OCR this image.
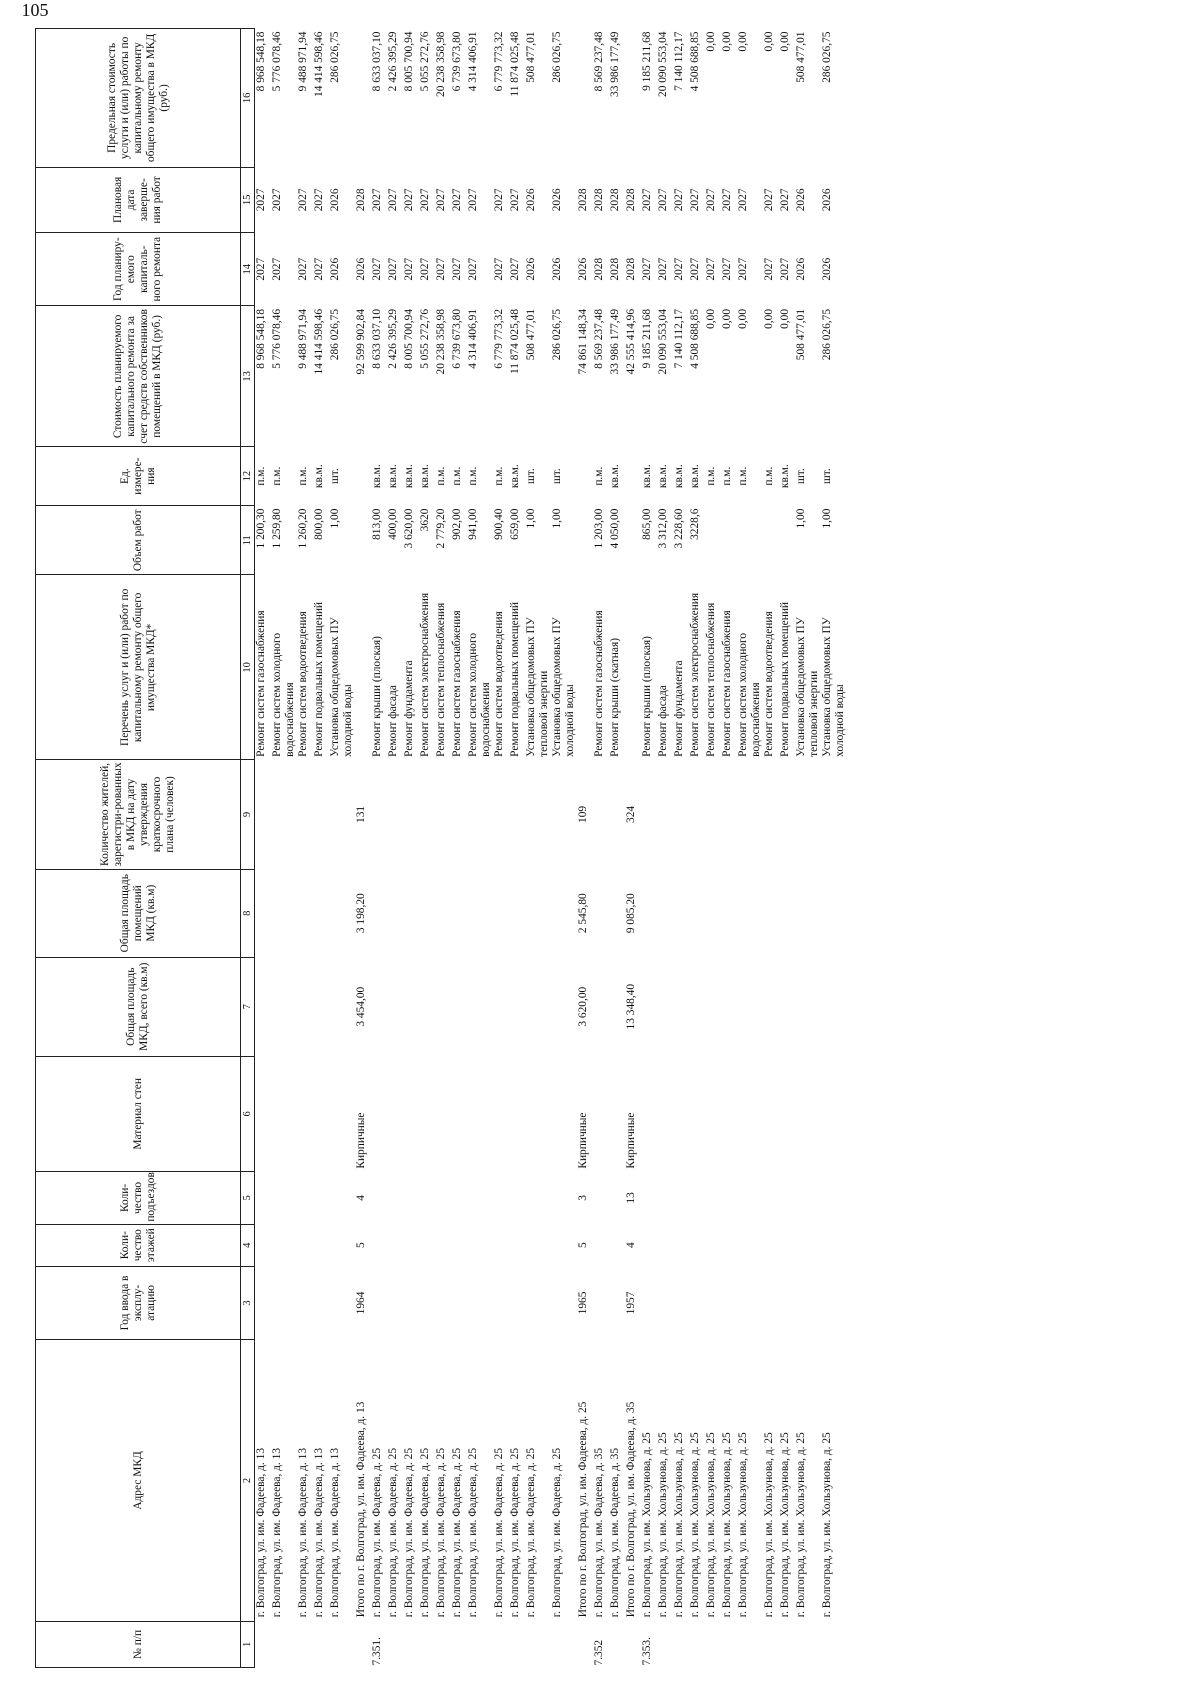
105
№ п/п	Адрес МКД	Год ввода в эксплу-атацию	Коли-чество этажей	Коли-чество подъездов	Материал стен	Общая площадь МКД, всего (кв.м)	Общая площадь помещений МКД (кв.м)	Количество жителей, зарегистри-рованных в МКД на дату утверждения краткосрочного плана (человек)	Перечень услуг и (или) работ по капитальному ремонту общего имущества МКД*	Объем работ	Ед. измере-ния	Стоимость планируемого капитального ремонта за счет средств собственников помещений в МКД (руб.)	Год планиру-емого капиталь-ного ремонта	Плановая дата заверше-ния работ	Предельная стоимость услуги и (или) работы по капитальному ремонту общего имущества в МКД (руб.)
1	2	3	4	5	6	7	8	9	10	11	12	13	14	15	16
	г. Волгоград, ул. им. Фадеева, д. 13								Ремонт систем газоснабжения	1 200,30	п.м.	8 968 548,18	2027	2027	8 968 548,18
	г. Волгоград, ул. им. Фадеева, д. 13								Ремонт систем холодного водоснабжения	1 259,80	п.м.	5 776 078,46	2027	2027	5 776 078,46
	г. Волгоград, ул. им. Фадеева, д. 13								Ремонт систем водоотведения	1 260,20	п.м.	9 488 971,94	2027	2027	9 488 971,94
	г. Волгоград, ул. им. Фадеева, д. 13								Ремонт подвальных помещений	800,00	кв.м.	14 414 598,46	2027	2027	14 414 598,46
	г. Волгоград, ул. им. Фадеева, д. 13								Установка общедомовых ПУ холодной воды	1,00	шт.	286 026,75	2026	2026	286 026,75
	Итого по г. Волгоград, ул. им. Фадеева, д. 13	1964	5	4	Кирпичные	3 454,00	3 198,20	131				92 599 902,84	2026	2028	
7.351.	г. Волгоград, ул. им. Фадеева, д. 25								Ремонт крыши (плоская)	813,00	кв.м.	8 633 037,10	2027	2027	8 633 037,10
	г. Волгоград, ул. им. Фадеева, д. 25								Ремонт фасада	400,00	кв.м.	2 426 395,29	2027	2027	2 426 395,29
	г. Волгоград, ул. им. Фадеева, д. 25								Ремонт фундамента	3 620,00	кв.м.	8 005 700,94	2027	2027	8 005 700,94
	г. Волгоград, ул. им. Фадеева, д. 25								Ремонт систем электроснабжения	3620	кв.м.	5 055 272,76	2027	2027	5 055 272,76
	г. Волгоград, ул. им. Фадеева, д. 25								Ремонт систем теплоснабжения	2 779,20	п.м.	20 238 358,98	2027	2027	20 238 358,98
	г. Волгоград, ул. им. Фадеева, д. 25								Ремонт систем газоснабжения	902,00	п.м.	6 739 673,80	2027	2027	6 739 673,80
	г. Волгоград, ул. им. Фадеева, д. 25								Ремонт систем холодного водоснабжения	941,00	п.м.	4 314 406,91	2027	2027	4 314 406,91
	г. Волгоград, ул. им. Фадеева, д. 25								Ремонт систем водоотведения	900,40	п.м.	6 779 773,32	2027	2027	6 779 773,32
	г. Волгоград, ул. им. Фадеева, д. 25								Ремонт подвальных помещений	659,00	кв.м.	11 874 025,48	2027	2027	11 874 025,48
	г. Волгоград, ул. им. Фадеева, д. 25								Установка общедомовых ПУ тепловой энергии	1,00	шт.	508 477,01	2026	2026	508 477,01
	г. Волгоград, ул. им. Фадеева, д. 25								Установка общедомовых ПУ холодной воды	1,00	шт.	286 026,75	2026	2026	286 026,75
	Итого по г. Волгоград, ул. им. Фадеева, д. 25	1965	5	3	Кирпичные	3 620,00	2 545,80	109				74 861 148,34	2026	2028	
7.352	г. Волгоград, ул. им. Фадеева, д. 35								Ремонт систем газоснабжения	1 203,00	п.м.	8 569 237,48	2028	2028	8 569 237,48
	г. Волгоград, ул. им. Фадеева, д. 35								Ремонт крыши (скатная)	4 050,00	кв.м.	33 986 177,49	2028	2028	33 986 177,49
	Итого по г. Волгоград, ул. им. Фадеева, д. 35	1957	4	13	Кирпичные	13 348,40	9 085,20	324				42 555 414,96	2028	2028	
7.353.	г. Волгоград, ул. им. Хользунова, д. 25								Ремонт крыши (плоская)	865,00	кв.м.	9 185 211,68	2027	2027	9 185 211,68
	г. Волгоград, ул. им. Хользунова, д. 25								Ремонт фасада	3 312,00	кв.м.	20 090 553,04	2027	2027	20 090 553,04
	г. Волгоград, ул. им. Хользунова, д. 25								Ремонт фундамента	3 228,60	кв.м.	7 140 112,17	2027	2027	7 140 112,17
	г. Волгоград, ул. им. Хользунова, д. 25								Ремонт систем электроснабжения	3228,6	кв.м.	4 508 688,85	2027	2027	4 508 688,85
	г. Волгоград, ул. им. Хользунова, д. 25								Ремонт систем теплоснабжения		п.м.	0,00	2027	2027	0,00
	г. Волгоград, ул. им. Хользунова, д. 25								Ремонт систем газоснабжения		п.м.	0,00	2027	2027	0,00
	г. Волгоград, ул. им. Хользунова, д. 25								Ремонт систем холодного водоснабжения		п.м.	0,00	2027	2027	0,00
	г. Волгоград, ул. им. Хользунова, д. 25								Ремонт систем водоотведения		п.м.	0,00	2027	2027	0,00
	г. Волгоград, ул. им. Хользунова, д. 25								Ремонт подвальных помещений		кв.м.	0,00	2027	2027	0,00
	г. Волгоград, ул. им. Хользунова, д. 25								Установка общедомовых ПУ тепловой энергии	1,00	шт.	508 477,01	2026	2026	508 477,01
	г. Волгоград, ул. им. Хользунова, д. 25								Установка общедомовых ПУ холодной воды	1,00	шт.	286 026,75	2026	2026	286 026,75
